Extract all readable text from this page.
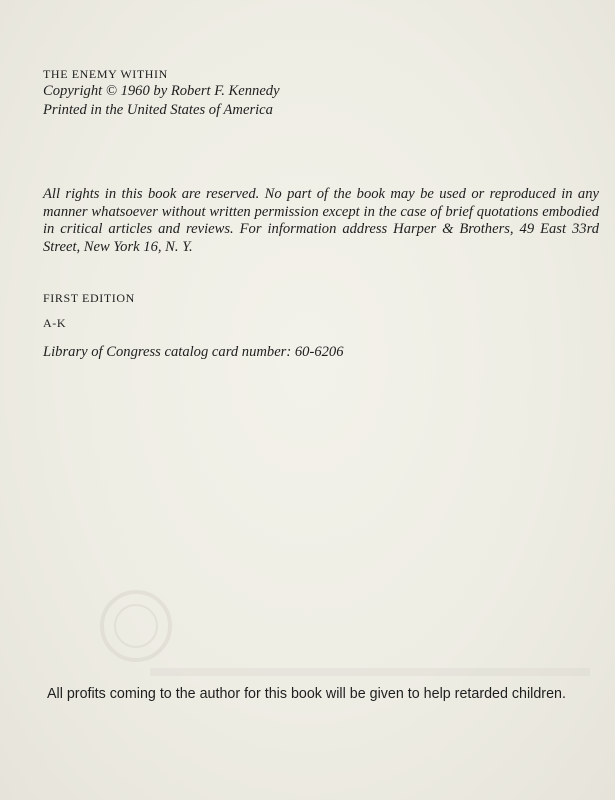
THE ENEMY WITHIN
Copyright © 1960 by Robert F. Kennedy
Printed in the United States of America
All rights in this book are reserved. No part of the book may be used or reproduced in any manner whatsoever without written permission except in the case of brief quotations embodied in critical articles and reviews. For information address Harper & Brothers, 49 East 33rd Street, New York 16, N. Y.
FIRST EDITION
A-K
Library of Congress catalog card number: 60-6206
All profits coming to the author for this book will be given to help retarded children.
